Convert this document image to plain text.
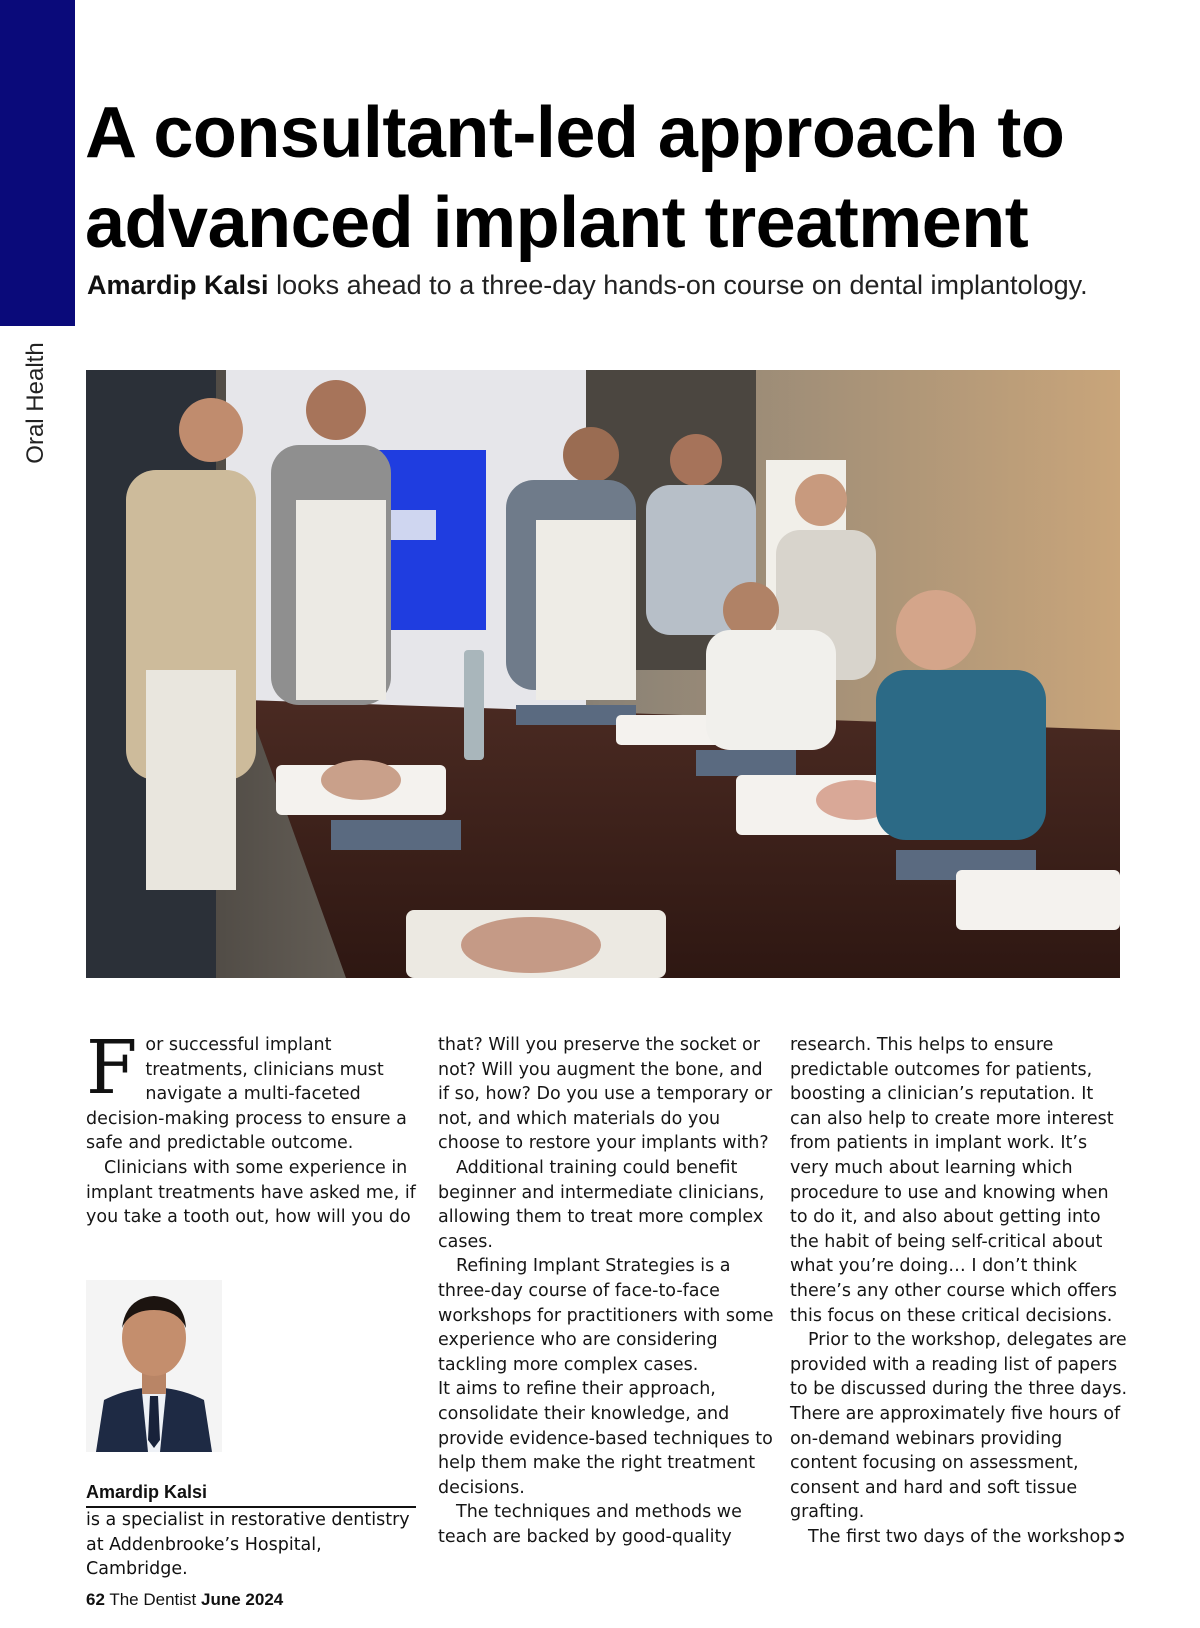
Oral Health
A consultant-led approach to
advanced implant treatment

Amardip Kalsi looks ahead to a three-day hands-on course on dental implantology.

For successful implant treatments, clinicians must navigate a multi-faceted decision-making process to ensure a safe and predictable outcome.

Clinicians with some experience in implant treatments have asked me, if you take a tooth out, how will you do

that? Will you preserve the socket or not? Will you augment the bone, and if so, how? Do you use a temporary or not, and which materials do you choose to restore your implants with?

Additional training could benefit beginner and intermediate clinicians, allowing them to treat more complex cases.

Refining Implant Strategies is a three-day course of face-to-face workshops for practitioners with some experience who are considering tackling more complex cases.

It aims to refine their approach, consolidate their knowledge, and provide evidence-based techniques to help them make the right treatment decisions.

The techniques and methods we teach are backed by good-quality

research. This helps to ensure predictable outcomes for patients, boosting a clinician’s reputation. It can also help to create more interest from patients in implant work. It’s very much about learning which procedure to use and knowing when to do it, and also about getting into the habit of being self-critical about what you’re doing… I don’t think there’s any other course which offers this focus on these critical decisions.

Prior to the workshop, delegates are provided with a reading list of papers to be discussed during the three days. There are approximately five hours of on-demand webinars providing content focusing on assessment, consent and hard and soft tissue grafting.

The first two days of the workshop➲

Amardip Kalsi
is a specialist in restorative dentistry at Addenbrooke’s Hospital, Cambridge.
62 The Dentist June 2024
